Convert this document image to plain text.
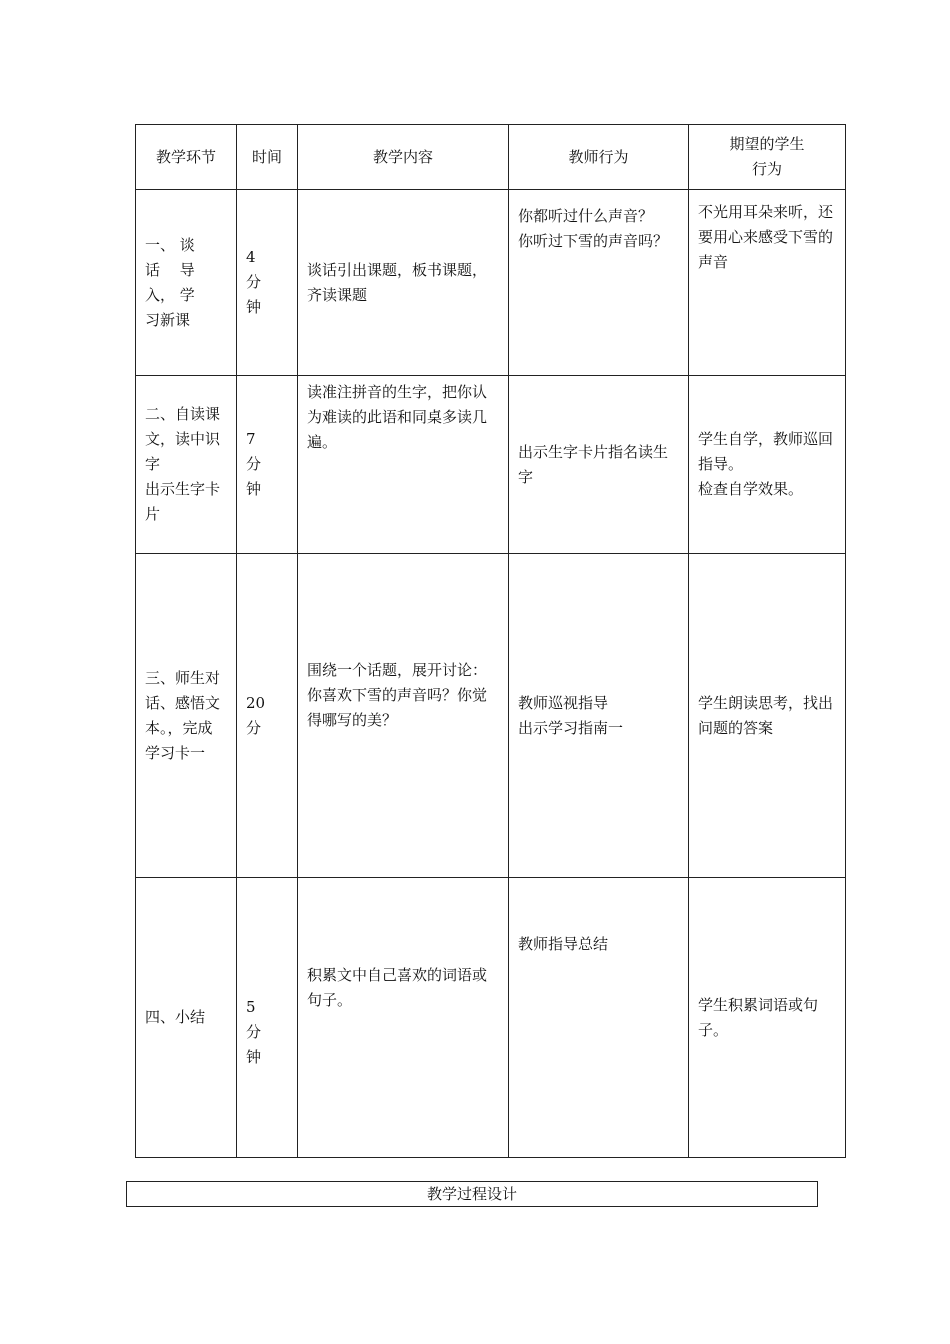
教学环节	时间	教学内容	教师行为	期望的学生
行为
一、 谈
话　 导
入， 学
习新课	4
分
钟	谈话引出课题，板书课题，齐读课题	你都听过什么声音？
你听过下雪的声音吗？	不光用耳朵来听，还要用心来感受下雪的声音
二、自读课文，读中识字
出示生字卡片	7
分
钟	读准注拼音的生字，把你认为难读的此语和同桌多读几遍。	出示生字卡片指名读生字	学生自学，教师巡回指导。
检查自学效果。
三、师生对话、感悟文本。，完成学习卡一	20
分	围绕一个话题，展开讨论：你喜欢下雪的声音吗？你觉得哪写的美？	教师巡视指导
出示学习指南一	学生朗读思考，找出问题的答案
四、小结	5
分
钟	积累文中自己喜欢的词语或句子。	教师指导总结	学生积累词语或句子。
教学过程设计
